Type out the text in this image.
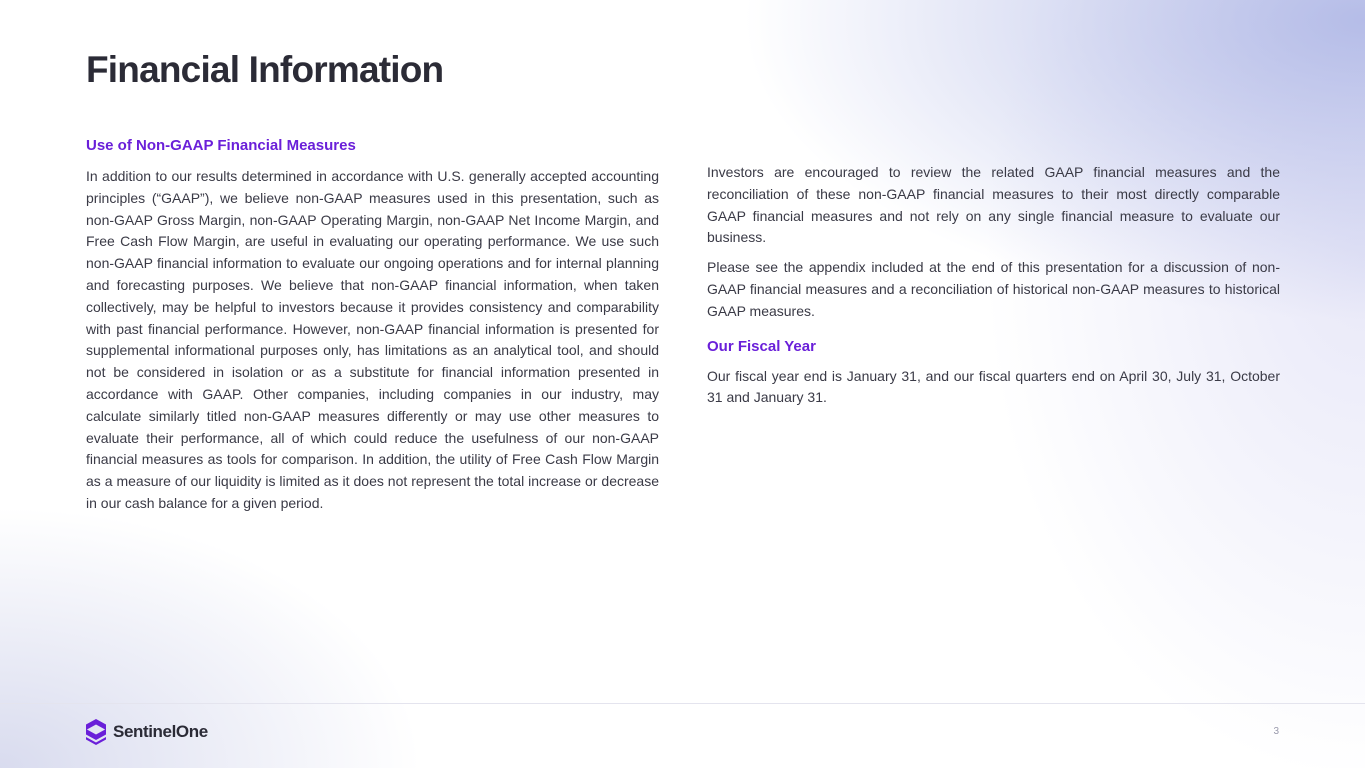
Financial Information
Use of Non-GAAP Financial Measures

In addition to our results determined in accordance with U.S. generally accepted accounting principles (“GAAP”), we believe non-GAAP measures used in this presentation, such as non-GAAP Gross Margin, non-GAAP Operating Margin, non-GAAP Net Income Margin, and Free Cash Flow Margin, are useful in evaluating our operating performance. We use such non-GAAP financial information to evaluate our ongoing operations and for internal planning and forecasting purposes. We believe that non-GAAP financial information, when taken collectively, may be helpful to investors because it provides consistency and comparability with past financial performance. However, non-GAAP financial information is presented for supplemental informational purposes only, has limitations as an analytical tool, and should not be considered in isolation or as a substitute for financial information presented in accordance with GAAP. Other companies, including companies in our industry, may calculate similarly titled non-GAAP measures differently or may use other measures to evaluate their performance, all of which could reduce the usefulness of our non-GAAP financial measures as tools for comparison. In addition, the utility of Free Cash Flow Margin as a measure of our liquidity is limited as it does not represent the total increase or decrease in our cash balance for a given period.

Investors are encouraged to review the related GAAP financial measures and the reconciliation of these non-GAAP financial measures to their most directly comparable GAAP financial measures and not rely on any single financial measure to evaluate our business.

Please see the appendix included at the end of this presentation for a discussion of non-GAAP financial measures and a reconciliation of historical non-GAAP measures to historical GAAP measures.

Our Fiscal Year

Our fiscal year end is January 31, and our fiscal quarters end on April 30, July 31, October 31 and January 31.

SentinelOne	3
